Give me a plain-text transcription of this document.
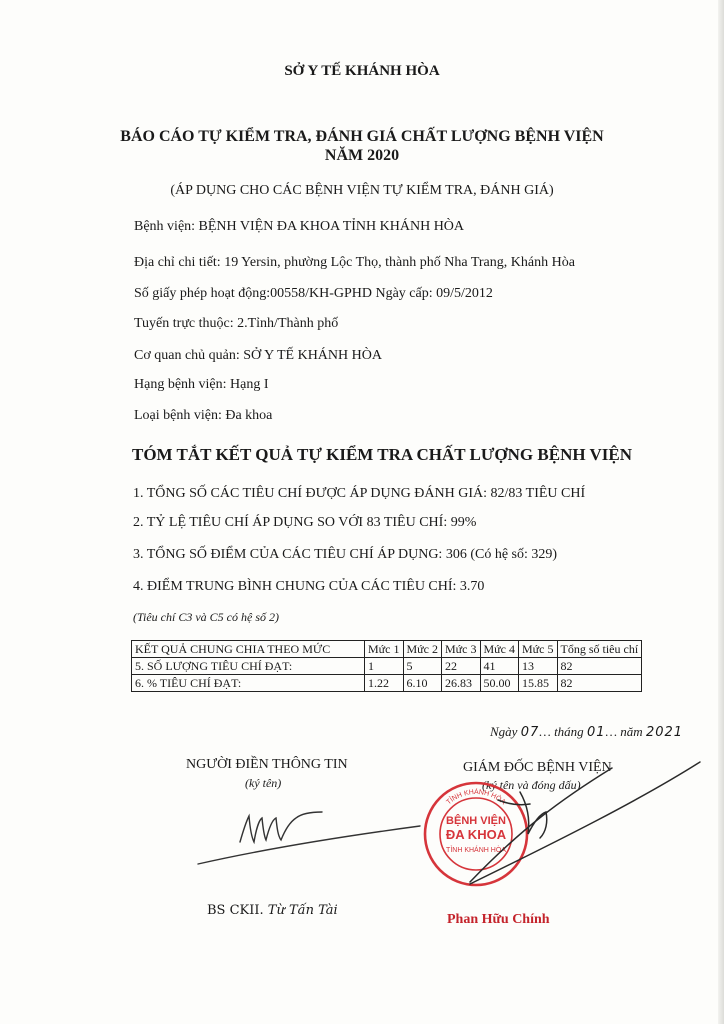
SỞ Y TẾ KHÁNH HÒA
BÁO CÁO TỰ KIỂM TRA, ĐÁNH GIÁ CHẤT LƯỢNG BỆNH VIỆN
NĂM 2020
(ÁP DỤNG CHO CÁC BỆNH VIỆN TỰ KIỂM TRA, ĐÁNH GIÁ)
Bệnh viện: BỆNH VIỆN ĐA KHOA TỈNH KHÁNH HÒA
Địa chỉ chi tiết: 19 Yersin, phường Lộc Thọ, thành phố Nha Trang, Khánh Hòa
Số giấy phép hoạt động:00558/KH-GPHD Ngày cấp: 09/5/2012
Tuyến trực thuộc: 2.Tỉnh/Thành phố
Cơ quan chủ quản: SỞ Y TẾ KHÁNH HÒA
Hạng bệnh viện: Hạng I
Loại bệnh viện: Đa khoa
TÓM TẮT KẾT QUẢ TỰ KIỂM TRA CHẤT LƯỢNG BỆNH VIỆN
1. TỔNG SỐ CÁC TIÊU CHÍ ĐƯỢC ÁP DỤNG ĐÁNH GIÁ: 82/83 TIÊU CHÍ
2. TỶ LỆ TIÊU CHÍ ÁP DỤNG SO VỚI 83 TIÊU CHÍ: 99%
3. TỔNG SỐ ĐIỂM CỦA CÁC TIÊU CHÍ ÁP DỤNG: 306 (Có hệ số: 329)
4. ĐIỂM TRUNG BÌNH CHUNG CỦA CÁC TIÊU CHÍ: 3.70
(Tiêu chí C3 và C5 có hệ số 2)
KẾT QUẢ CHUNG CHIA THEO MỨC	Mức 1	Mức 2	Mức 3	Mức 4	Mức 5	Tổng số tiêu chí
5. SỐ LƯỢNG TIÊU CHÍ ĐẠT:	1	5	22	41	13	82
6. % TIÊU CHÍ ĐẠT:	1.22	6.10	26.83	50.00	15.85	82
Ngày 07… tháng 01… năm 2021
NGƯỜI ĐIỀN THÔNG TIN
(ký tên)
GIÁM ĐỐC BỆNH VIỆN
(ký tên và đóng dấu)
BỆNH VIỆN
ĐA KHOA
TỈNH KHÁNH HÒA
TỈNH KHÁNH HÒA
BS CKII. Từ Tấn Tài
Phan Hữu Chính
